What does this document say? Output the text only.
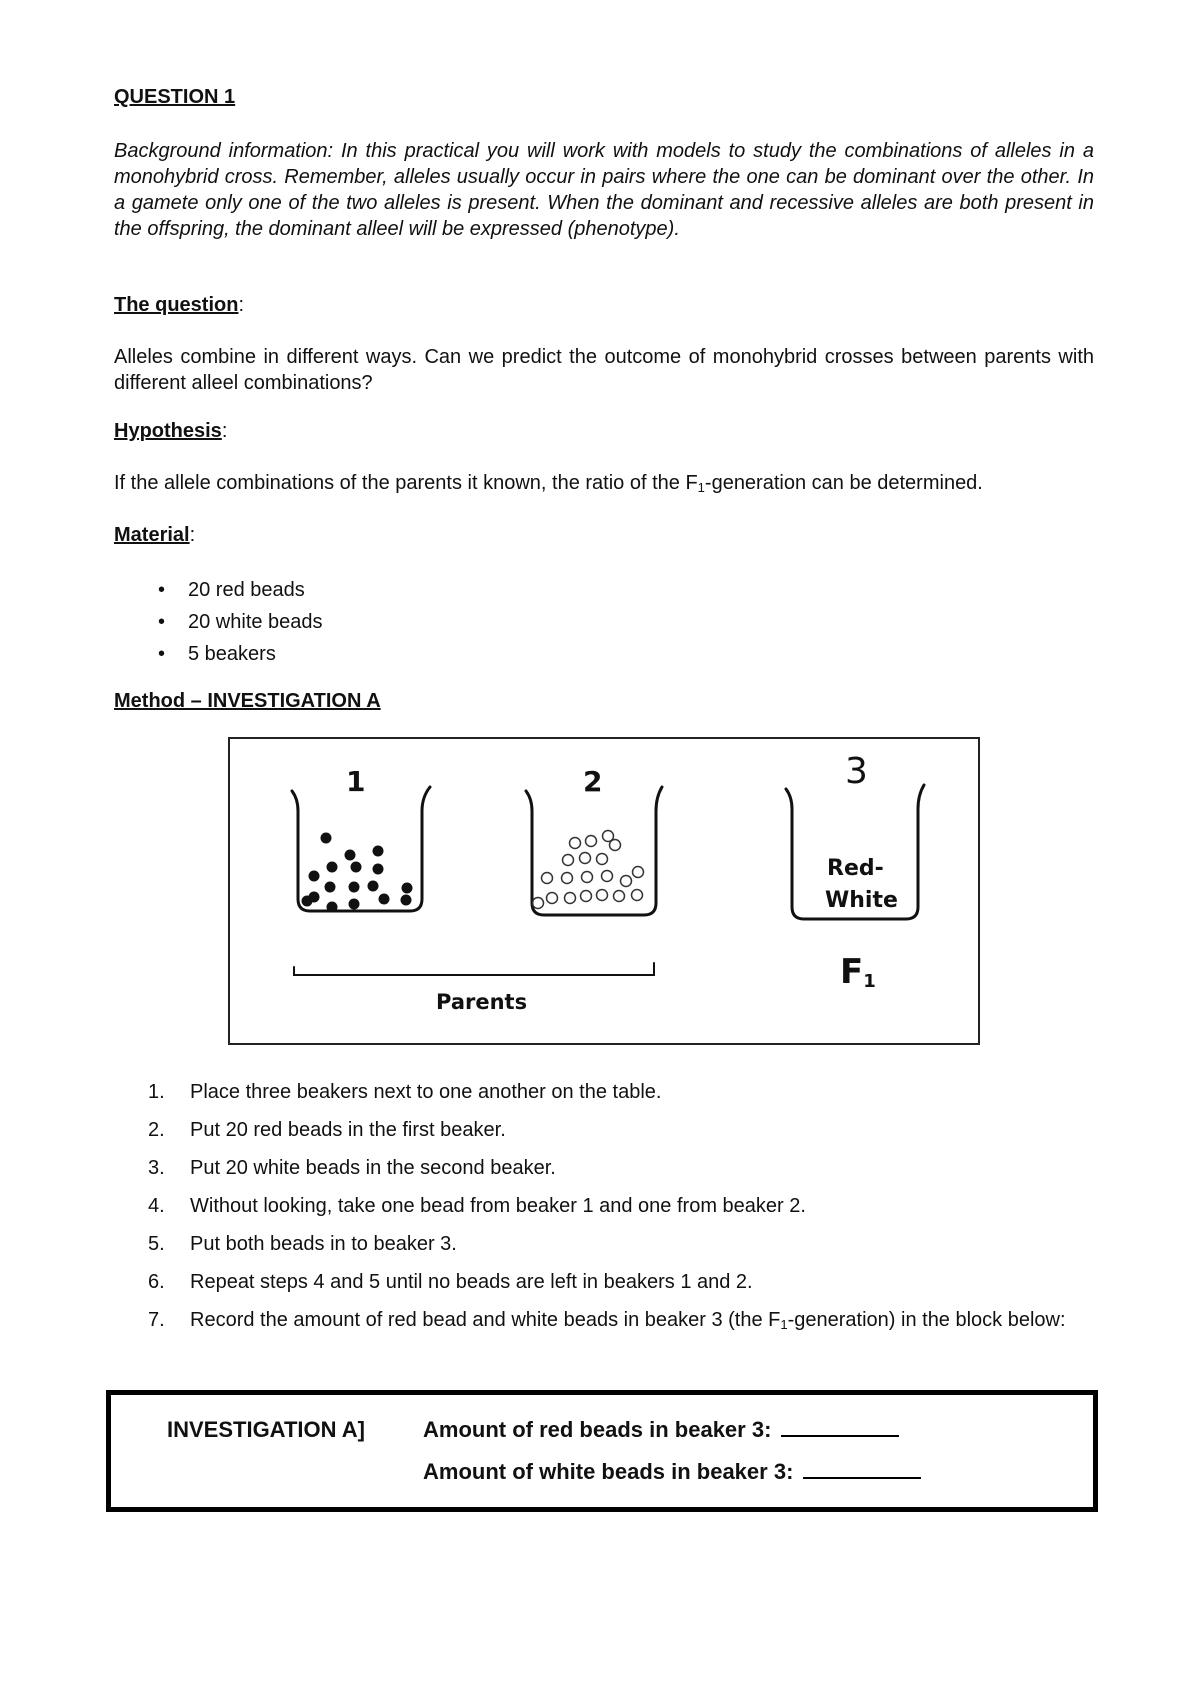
QUESTION 1
Background information: In this practical you will work with models to study the combinations of alleles in a monohybrid cross. Remember, alleles usually occur in pairs where the one can be dominant over the other. In a gamete only one of the two alleles is present. When the dominant and recessive alleles are both present in the offspring, the dominant alleel will be expressed (phenotype).
The question:
Alleles combine in different ways. Can we predict the outcome of monohybrid crosses between parents with different alleel combinations?
Hypothesis:
If the allele combinations of the parents it known, the ratio of the $F_1$-generation can be determined.
Material:
• 20 red beads
• 20 white beads
• 5 beakers
Method – INVESTIGATION A
1	2	3
Red-
White
Parents
F1
1. Place three beakers next to one another on the table.
2. Put 20 red beads in the first beaker.
3. Put 20 white beads in the second beaker.
4. Without looking, take one bead from beaker 1 and one from beaker 2.
5. Put both beads in to beaker 3.
6. Repeat steps 4 and 5 until no beads are left in beakers 1 and 2.
7. Record the amount of red bead and white beads in beaker 3 (the $F_1-generation$) in the block below:
INVESTIGATION A]	Amount of red beads in beaker 3:
Amount of white beads in beaker 3:
